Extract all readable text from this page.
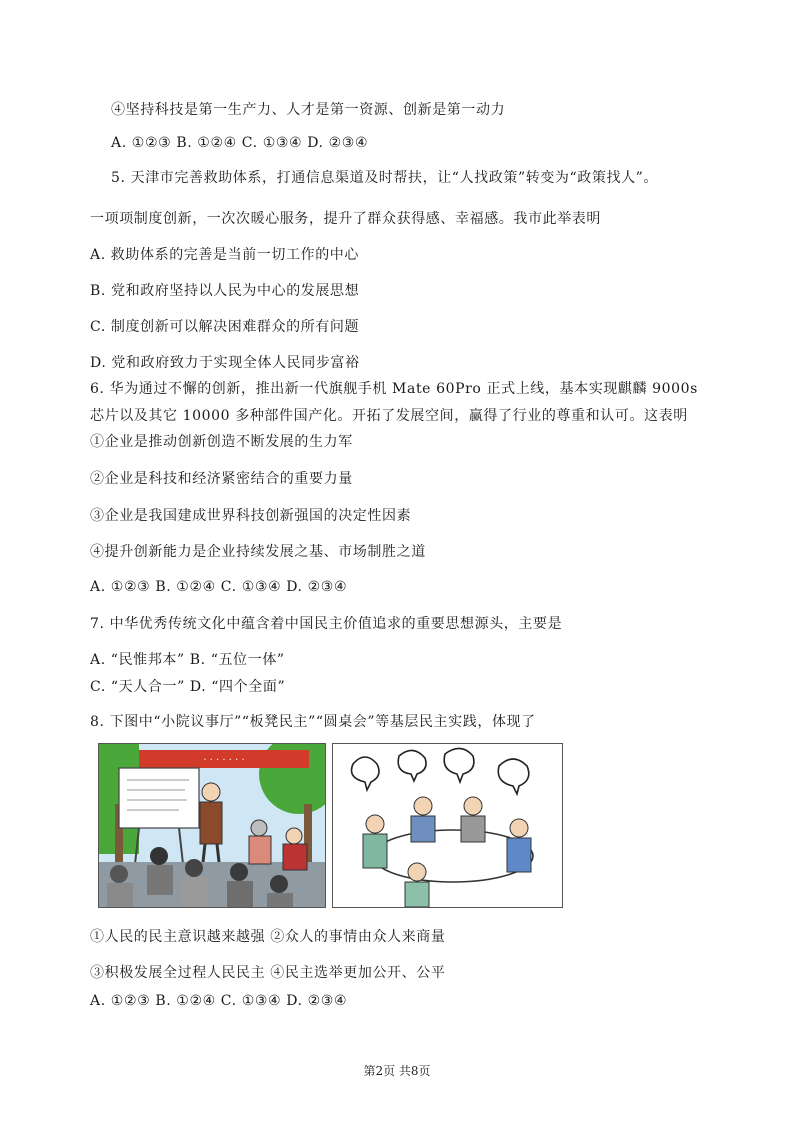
④坚持科技是第一生产力、人才是第一资源、创新是第一动力
A. ①②③ B. ①②④ C. ①③④ D. ②③④
5. 天津市完善救助体系，打通信息渠道及时帮扶，让“人找政策”转变为“政策找人”。
一项项制度创新，一次次暖心服务，提升了群众获得感、幸福感。我市此举表明
A. 救助体系的完善是当前一切工作的中心
B. 党和政府坚持以人民为中心的发展思想
C. 制度创新可以解决困难群众的所有问题
D. 党和政府致力于实现全体人民同步富裕
6. 华为通过不懈的创新，推出新一代旗舰手机 Mate 60Pro 正式上线，基本实现麒麟 9000s
芯片以及其它 10000 多种部件国产化。开拓了发展空间，赢得了行业的尊重和认可。这表明
①企业是推动创新创造不断发展的生力军
②企业是科技和经济紧密结合的重要力量
③企业是我国建成世界科技创新强国的决定性因素
④提升创新能力是企业持续发展之基、市场制胜之道
A. ①②③ B. ①②④ C. ①③④ D. ②③④
7. 中华优秀传统文化中蕴含着中国民主价值追求的重要思想源头，主要是
A. “民惟邦本” B. “五位一体”
C. “天人合一” D. “四个全面”
8. 下图中“小院议事厅”“板凳民主”“圆桌会”等基层民主实践，体现了
· · · · · · ·
①人民的民主意识越来越强 ②众人的事情由众人来商量
③积极发展全过程人民民主 ④民主选举更加公开、公平
A. ①②③ B. ①②④ C. ①③④ D. ②③④
第2页 共8页
